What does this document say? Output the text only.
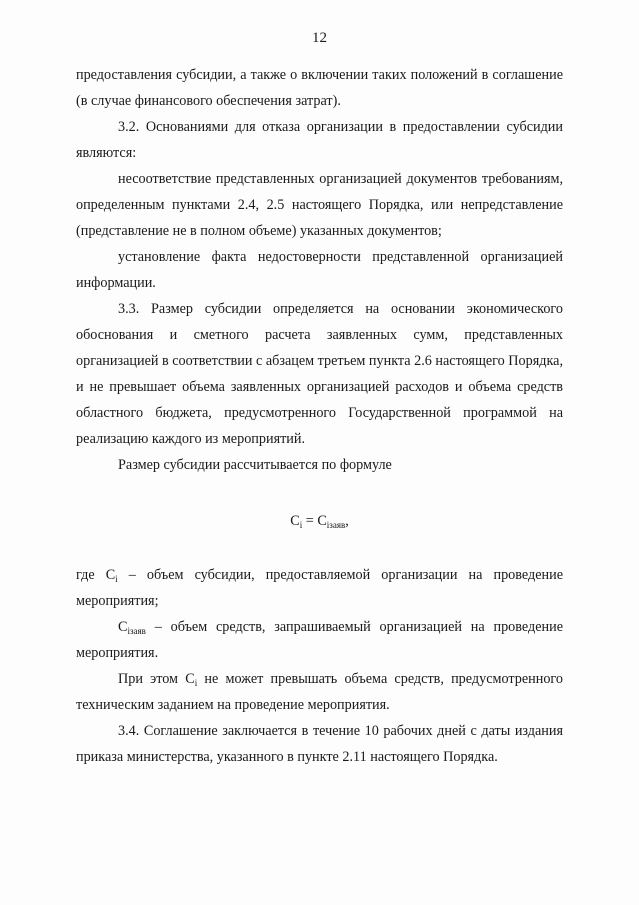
12

предоставления субсидии, а также о включении таких положений в соглашение (в случае финансового обеспечения затрат).

3.2. Основаниями для отказа организации в предоставлении субсидии являются:

несоответствие представленных организацией документов требованиям, определенным пунктами 2.4, 2.5 настоящего Порядка, или непредставление (представление не в полном объеме) указанных документов;

установление факта недостоверности представленной организацией информации.

3.3. Размер субсидии определяется на основании экономического обоснования и сметного расчета заявленных сумм, представленных организацией в соответствии с абзацем третьем пункта 2.6 настоящего Порядка, и не превышает объема заявленных организацией расходов и объема средств областного бюджета, предусмотренного Государственной программой на реализацию каждого из мероприятий.

Размер субсидии рассчитывается по формуле

$C_i = C_{iзаяв}$,

где $C_i$ – объем субсидии, предоставляемой организации на проведение мероприятия;

$C_{iзаяв}$ – объем средств, запрашиваемый организацией на проведение мероприятия.

При этом $C_i$ не может превышать объема средств, предусмотренного техническим заданием на проведение мероприятия.

3.4. Соглашение заключается в течение 10 рабочих дней с даты издания приказа министерства, указанного в пункте 2.11 настоящего Порядка.
